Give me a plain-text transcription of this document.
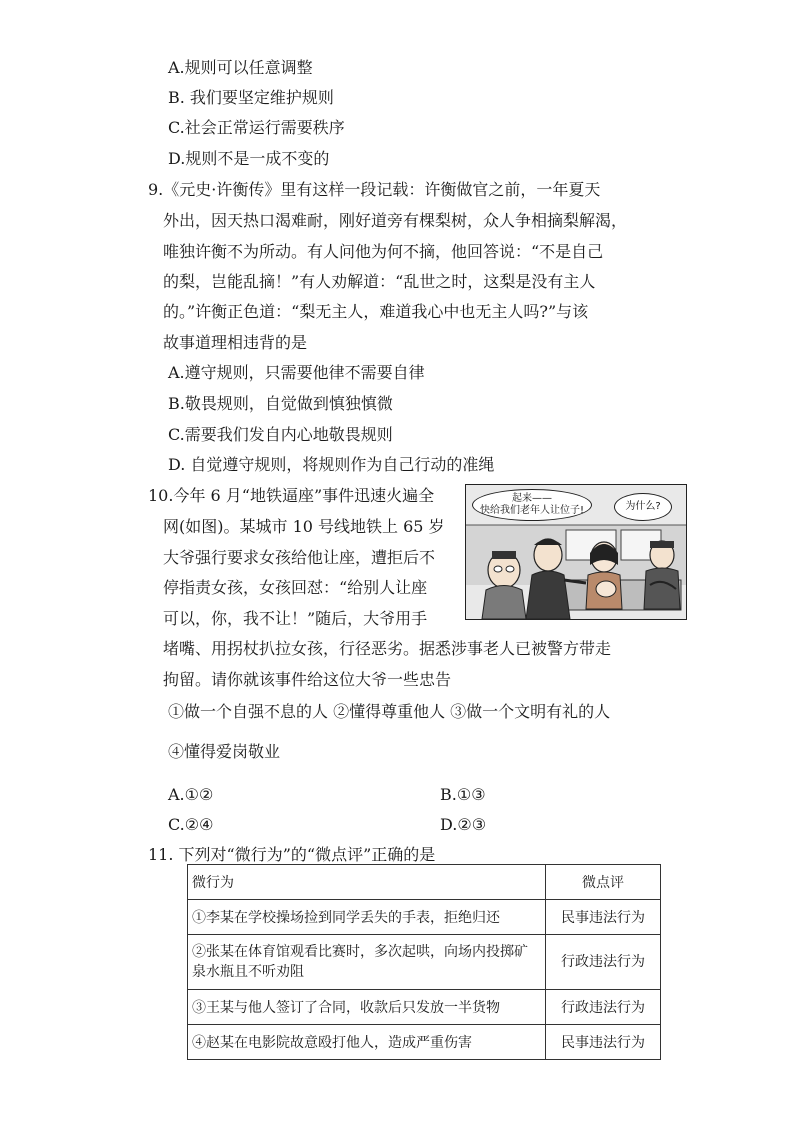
A.规则可以任意调整
B. 我们要坚定维护规则
C.社会正常运行需要秩序
D.规则不是一成不变的
9.《元史·许衡传》里有这样一段记载：许衡做官之前，一年夏天
外出，因天热口渴难耐，刚好道旁有棵梨树，众人争相摘梨解渴，
唯独许衡不为所动。有人问他为何不摘，他回答说：“不是自己
的梨，岂能乱摘！”有人劝解道：“乱世之时，这梨是没有主人
的。”许衡正色道：“梨无主人，难道我心中也无主人吗?”与该
故事道理相违背的是
A.遵守规则，只需要他律不需要自律
B.敬畏规则，自觉做到慎独慎微
C.需要我们发自内心地敬畏规则
D. 自觉遵守规则，将规则作为自己行动的准绳
10.今年 6 月“地铁逼座”事件迅速火遍全
网(如图)。某城市 10 号线地铁上 65 岁
大爷强行要求女孩给他让座，遭拒后不
停指责女孩，女孩回怼：“给别人让座
可以，你，我不让！”随后，大爷用手
堵嘴、用拐杖扒拉女孩，行径恶劣。据悉涉事老人已被警方带走
拘留。请你就该事件给这位大爷一些忠告
①做一个自强不息的人 ②懂得尊重他人 ③做一个文明有礼的人
④懂得爱岗敬业
A.①②	B.①③
C.②④	D.②③
起来——
快给我们老年人让位子!	为什么?
11. 下列对“微行为”的“微点评”正确的是
微行为	微点评
①李某在学校操场捡到同学丢失的手表，拒绝归还	民事违法行为
②张某在体育馆观看比赛时，多次起哄，向场内投掷矿泉水瓶且不听劝阻	行政违法行为
③王某与他人签订了合同，收款后只发放一半货物	行政违法行为
④赵某在电影院故意殴打他人，造成严重伤害	民事违法行为
